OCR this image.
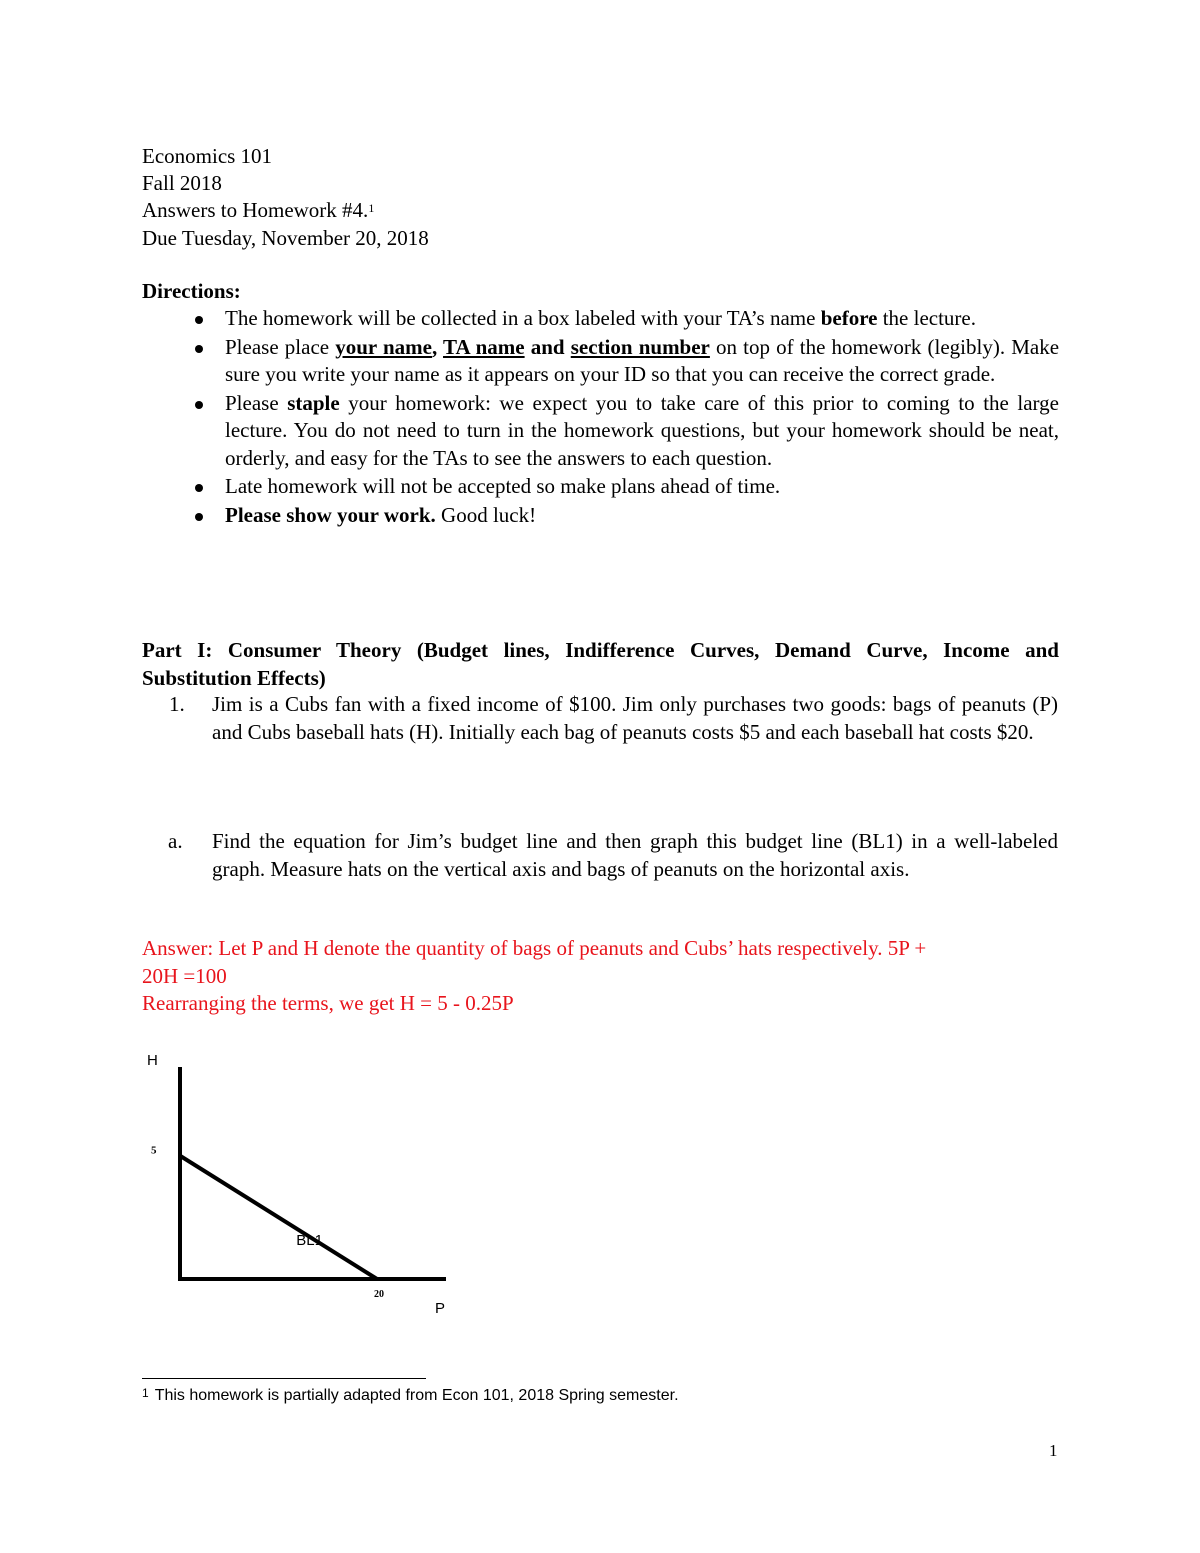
Economics 101
Fall 2018
Answers to Homework #4.$^1$
Due Tuesday, November 20, 2018
Directions:
The homework will be collected in a box labeled with your TA’s name before the lecture.
Please place your name, TA name and section number on top of the homework (legibly). Make sure you write your name as it appears on your ID so that you can receive the correct grade.
Please staple your homework: we expect you to take care of this prior to coming to the large lecture. You do not need to turn in the homework questions, but your homework should be neat, orderly, and easy for the TAs to see the answers to each question.
Late homework will not be accepted so make plans ahead of time.
Please show your work. Good luck!
Part I: Consumer Theory (Budget lines, Indifference Curves, Demand Curve, Income and Substitution Effects)
1. Jim is a Cubs fan with a fixed income of $100. Jim only purchases two goods: bags of peanuts (P) and Cubs baseball hats (H). Initially each bag of peanuts costs $5 and each baseball hat costs $20.
a. Find the equation for Jim’s budget line and then graph this budget line (BL1) in a well-labeled graph. Measure hats on the vertical axis and bags of peanuts on the horizontal axis.
Answer: Let P and H denote the quantity of bags of peanuts and Cubs’ hats respectively. 5P +
20H =100
Rearranging the terms, we get H = 5 - 0.25P
H
P
5
20
BL1
$^1$ This homework is partially adapted from Econ 101, 2018 Spring semester.
1
